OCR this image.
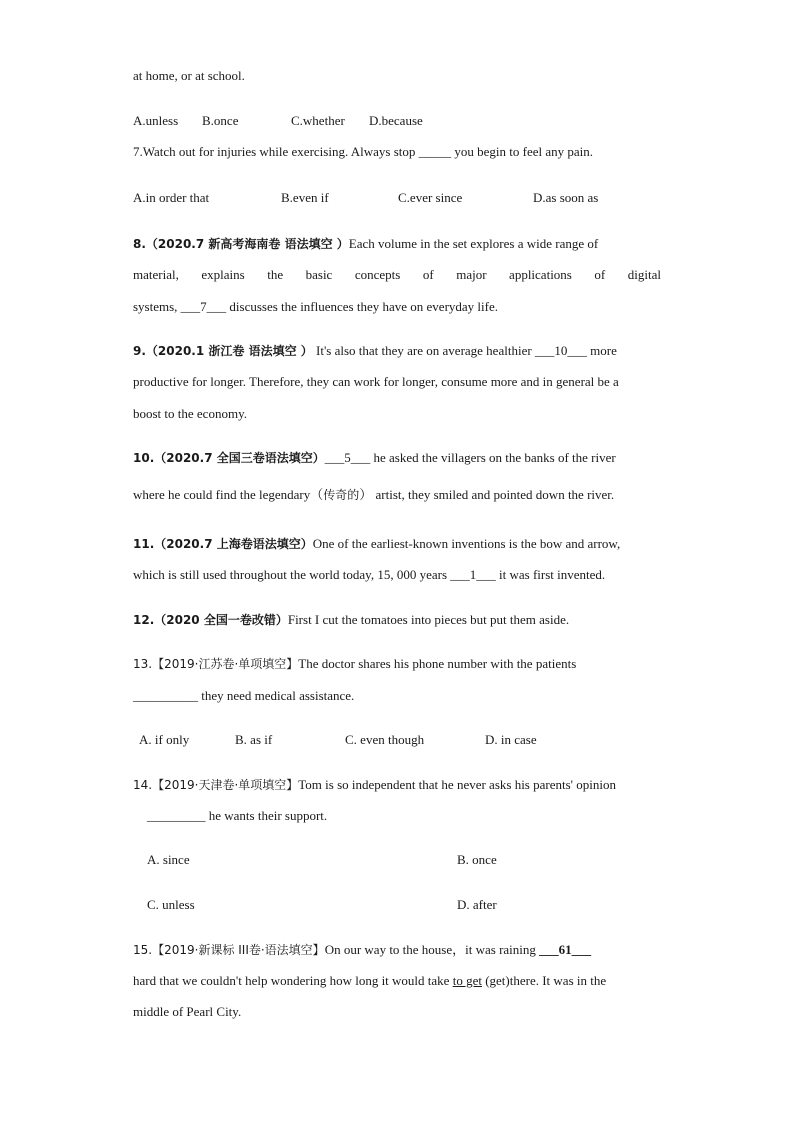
at home, or at school.
A.unless B.once	C.whether D.because
7.Watch out for injuries while exercising. Always stop _____ you begin to feel any pain.
A.in order that	B.even if	C.ever since	D.as soon as
8.（2020.7 新高考海南卷 语法填空 ）Each volume in the set explores a wide range of
material, explains the basic concepts of major applications of digital
systems, ___7___ discusses the influences they have on everyday life.
9.（2020.1 浙江卷 语法填空 ） It's also that they are on average healthier ___10___ more
productive for longer. Therefore, they can work for longer, consume more and in general be a
boost to the economy.
10.（2020.7 全国三卷语法填空）___5___ he asked the villagers on the banks of the river
where he could find the legendary（传奇的） artist, they smiled and pointed down the river.
11.（2020.7 上海卷语法填空）One of the earliest-known inventions is the bow and arrow,
which is still used throughout the world today, 15, 000 years ___1___ it was first invented.
12.（2020 全国一卷改错）First I cut the tomatoes into pieces but put them aside.
13.【2019·江苏卷·单项填空】The doctor shares his phone number with the patients
__________ they need medical assistance.
A. if only	B. as if	C. even though	D. in case
14.【2019·天津卷·单项填空】Tom is so independent that he never asks his parents' opinion
_________ he wants their support.
A. since	B. once
C. unless	D. after
15.【2019·新课标 III卷·语法填空】On our way to the house，it was raining ___61___
hard that we couldn't help wondering how long it would take to get (get)there. It was in the
middle of Pearl City.
